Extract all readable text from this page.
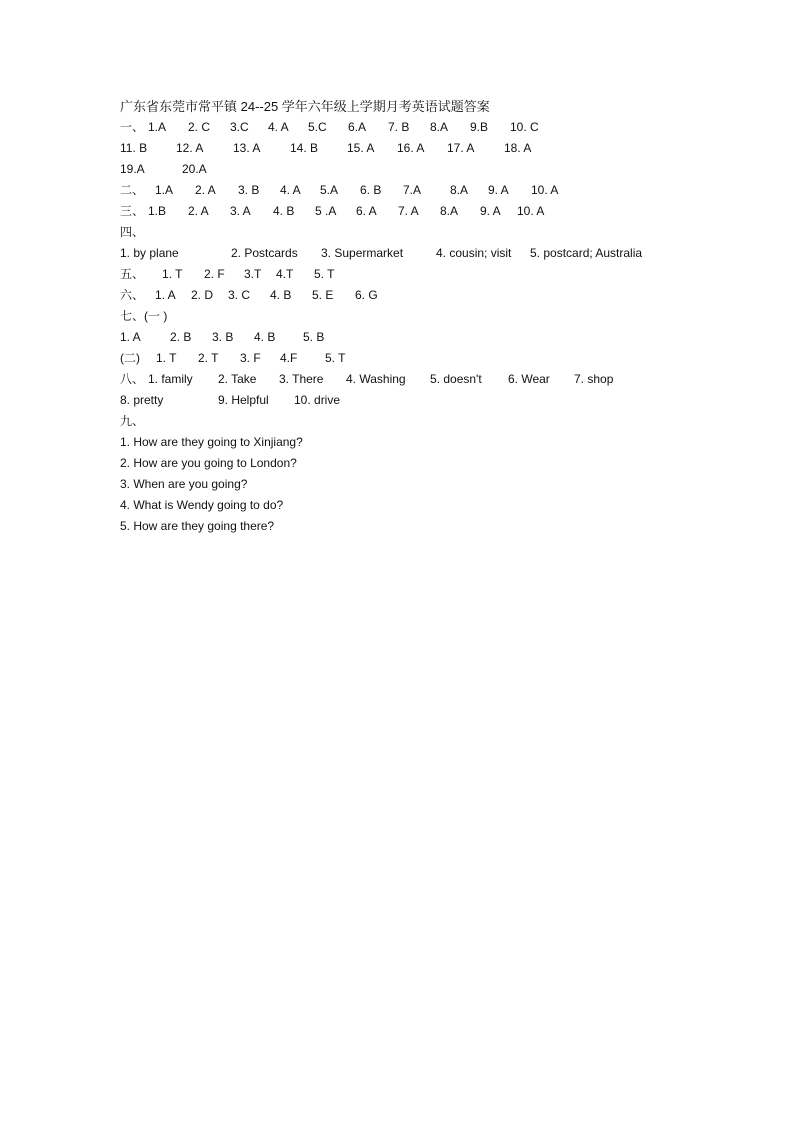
广东省东莞市常平镇 24--25 学年六年级上学期月考英语试题答案
一、 1.A 2. C 3.C 4. A 5.C 6.A 7. B 8.A 9.B 10. C
11. B 12. A 13. A 14. B 15. A 16. A 17. A 18. A
19.A	20.A
二、 1.A 2. A 3. B 4. A 5.A 6. B 7.A 8.A 9. A 10. A
三、 1.B 2. A 3. A 4. B 5 .A 6. A 7. A 8.A 9. A 10. A
四、
1. by plane	2. Postcards 3. Supermarket	4. cousin; visit 5. postcard; Australia
五、 1. T 2. F 3.T 4.T 5. T
六、 1. A 2. D 3. C 4. B 5. E 6. G
七、(一 )
1. A 2. B 3. B 4. B 5. B
(二) 1. T 2. T 3. F 4.F 5. T
八、 1. family 2. Take 3. There 4. Washing 5. doesn't 6. Wear 7. shop
8. pretty	9. Helpful 10. drive
九、
1. How are they going to Xinjiang?
2. How are you going to London?
3. When are you going?
4. What is Wendy going to do?
5. How are they going there?
